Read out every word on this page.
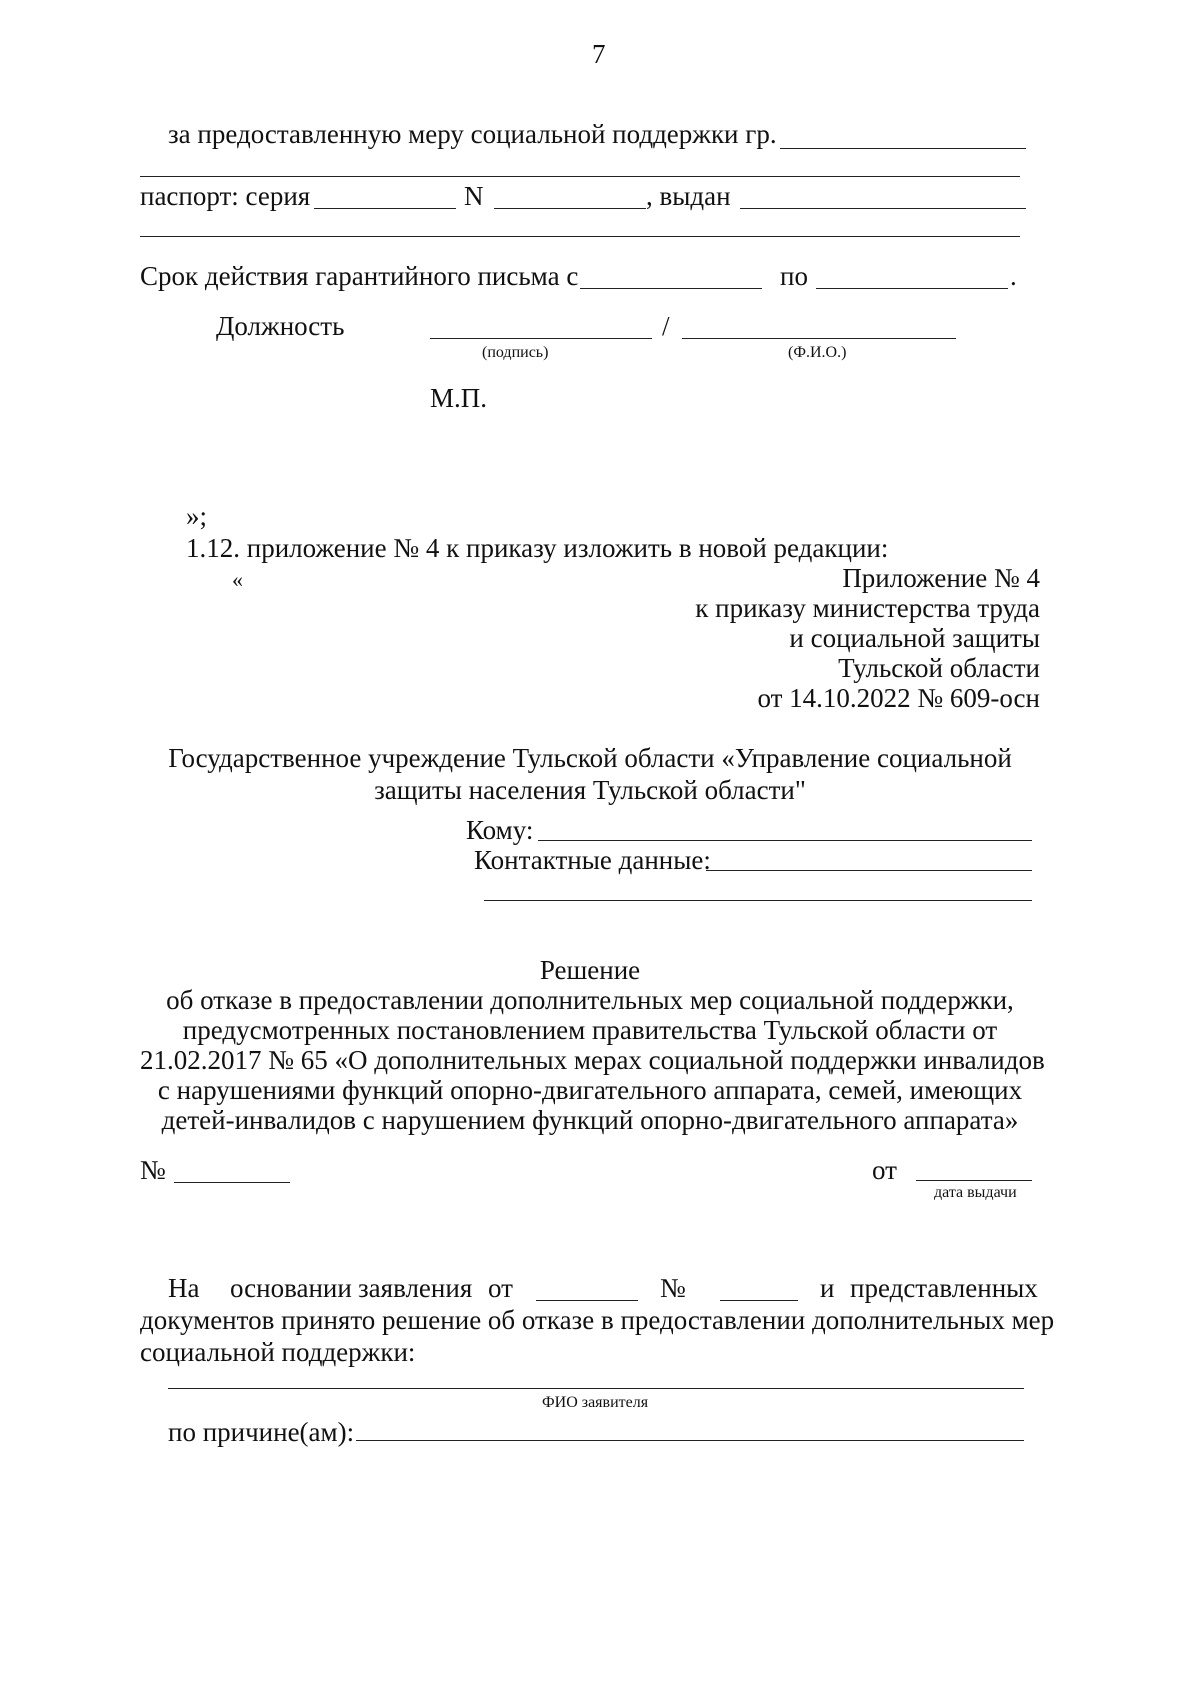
7
за предоставленную меру социальной поддержки гр.
паспорт: серия	N	, выдан
Срок действия гарантийного письма с	по	.
Должность	/
(подпись)	(Ф.И.О.)
М.П.
»;
1.12. приложение № 4 к приказу изложить в новой редакции:
«	Приложение № 4
к приказу министерства труда
и социальной защиты
Тульской области
от 14.10.2022 № 609-осн
Государственное учреждение Тульской области «Управление социальной
защиты населения Тульской области"
Кому:
Контактные данные:
Решение
об отказе в предоставлении дополнительных мер социальной поддержки,
предусмотренных постановлением правительства Тульской области от
21.02.2017 № 65 «О дополнительных мерах социальной поддержки инвалидов
с нарушениями функций опорно-двигательного аппарата, семей, имеющих
детей-инвалидов с нарушением функций опорно-двигательного аппарата»
№	от
дата выдачи
На основании заявления от	№	и представленных
документов принято решение об отказе в предоставлении дополнительных мер
социальной поддержки:
ФИО заявителя
по причине(ам):
